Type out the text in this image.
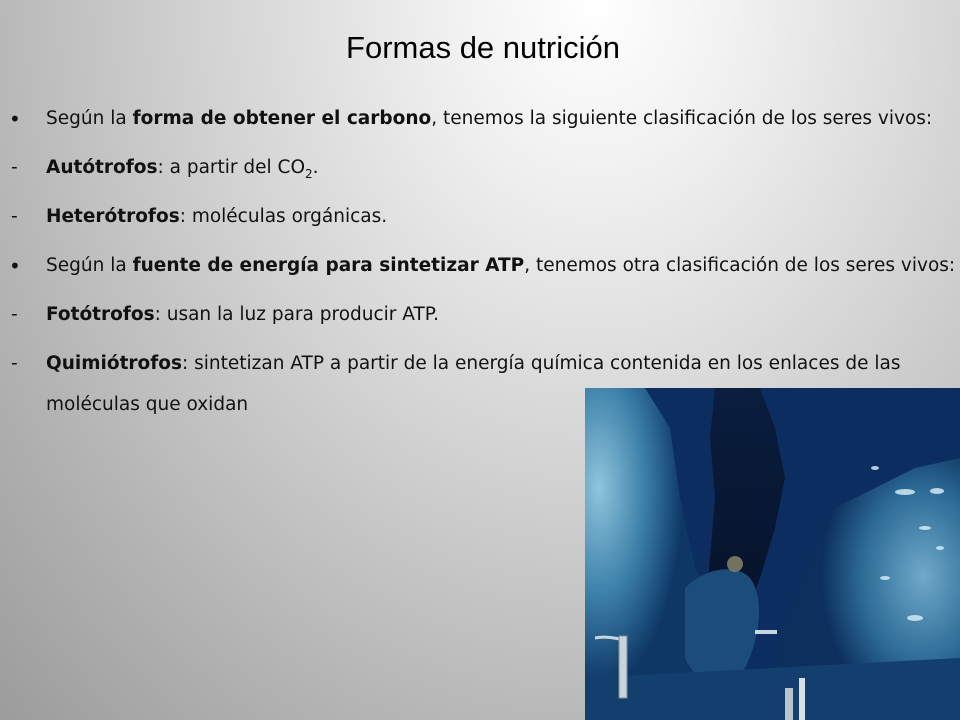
Formas de nutrición
•	Según la forma de obtener el carbono, tenemos la siguiente clasificación de los seres vivos:
-	Autótrofos: a partir del $CO_2$.
-	Heterótrofos: moléculas orgánicas.
•	Según la fuente de energía para sintetizar ATP, tenemos otra clasificación de los seres vivos:
-	Fotótrofos: usan la luz para producir ATP.
-	Quimiótrofos: sintetizan ATP a partir de la energía química contenida en los enlaces de las
moléculas que oxidan
